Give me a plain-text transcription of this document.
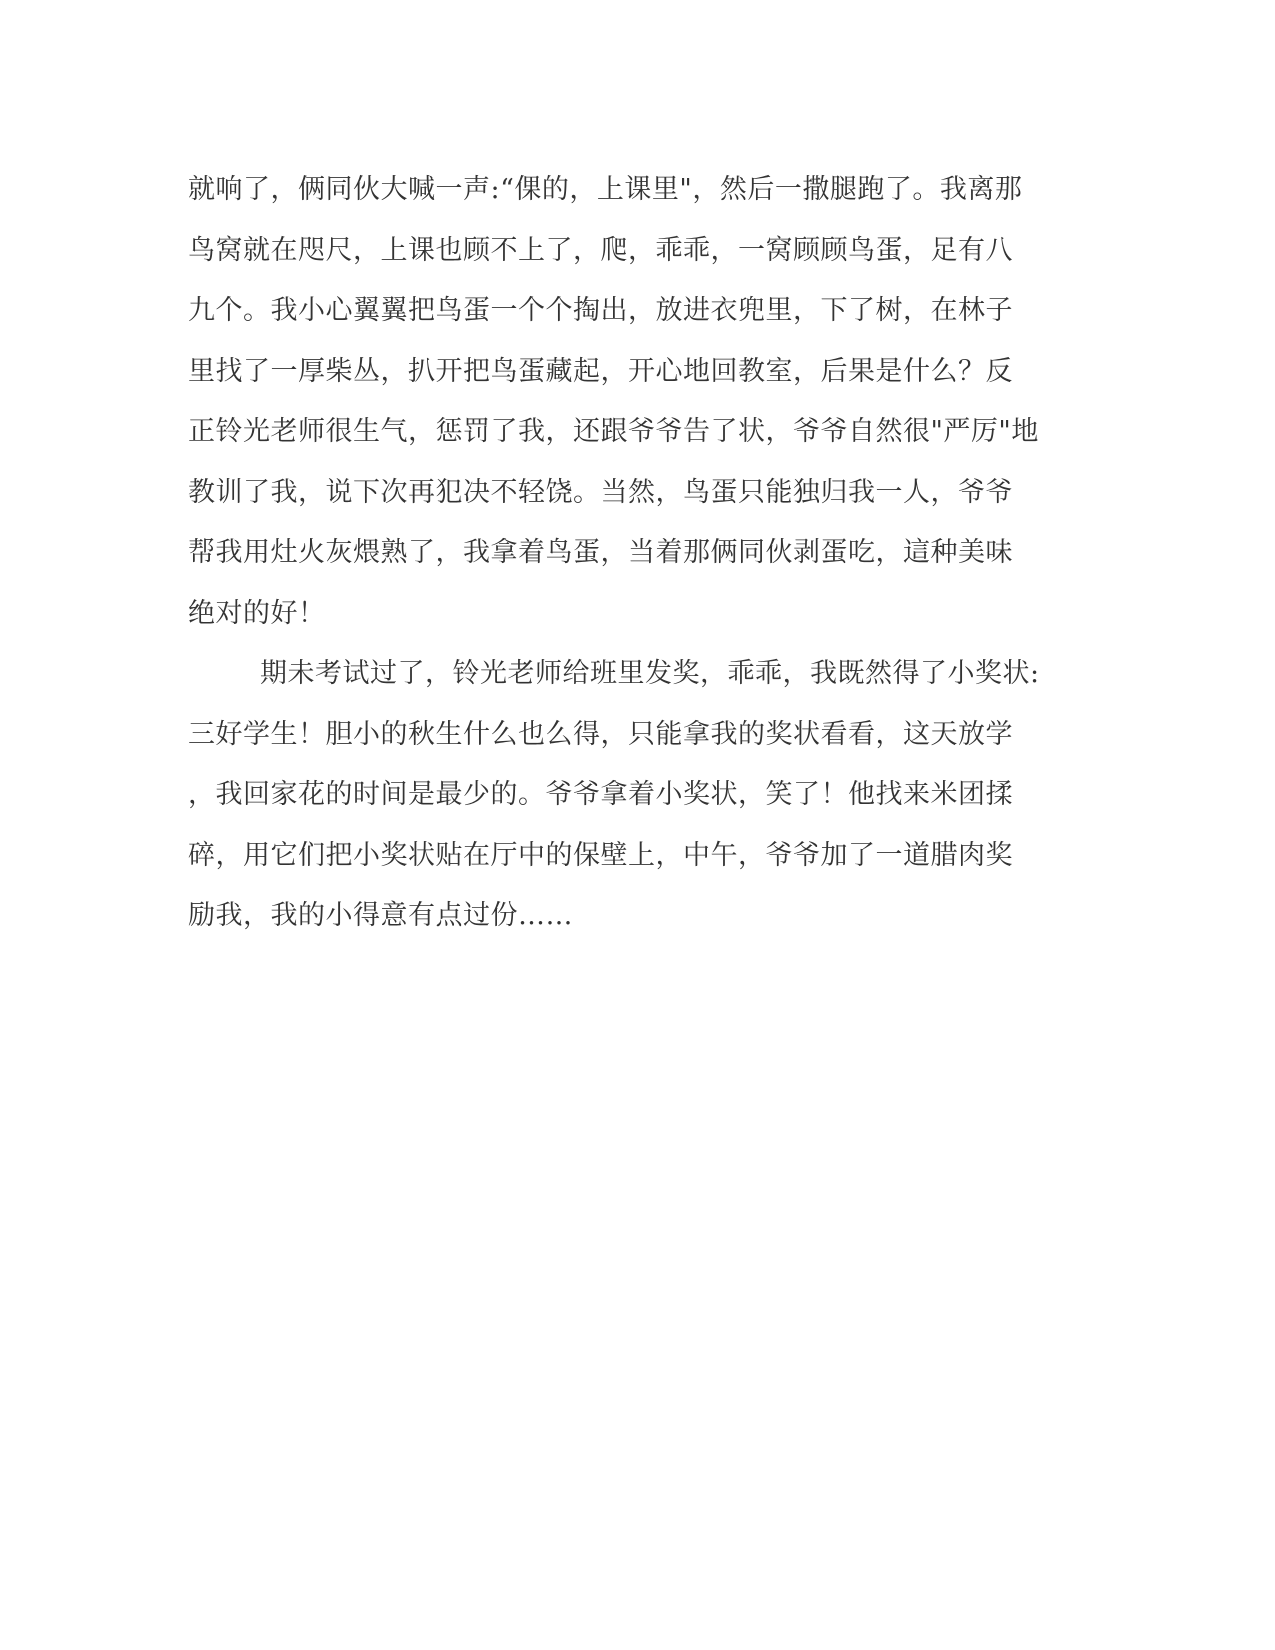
就响了，俩同伙大喊一声:“倮的，上课里"，然后一撒腿跑了。我离那
鸟窝就在咫尺，上课也顾不上了，爬，乖乖，一窝顾顾鸟蛋，足有八
九个。我小心翼翼把鸟蛋一个个掏出，放进衣兜里，下了树，在林子
里找了一厚柴丛，扒开把鸟蛋藏起，开心地回教室，后果是什么？反
正铃光老师很生气，惩罚了我，还跟爷爷告了状，爷爷自然很"严厉"地
教训了我，说下次再犯决不轻饶。当然，鸟蛋只能独归我一人，爷爷
帮我用灶火灰煨熟了，我拿着鸟蛋，当着那俩同伙剥蛋吃，這种美味
绝对的好！
期未考试过了，铃光老师给班里发奖，乖乖，我既然得了小奖状:
三好学生！胆小的秋生什么也么得，只能拿我的奖状看看，这天放学
，我回家花的时间是最少的。爷爷拿着小奖状，笑了！他找来米团揉
碎，用它们把小奖状贴在厅中的保壁上，中午，爷爷加了一道腊肉奖
励我，我的小得意有点过份……
